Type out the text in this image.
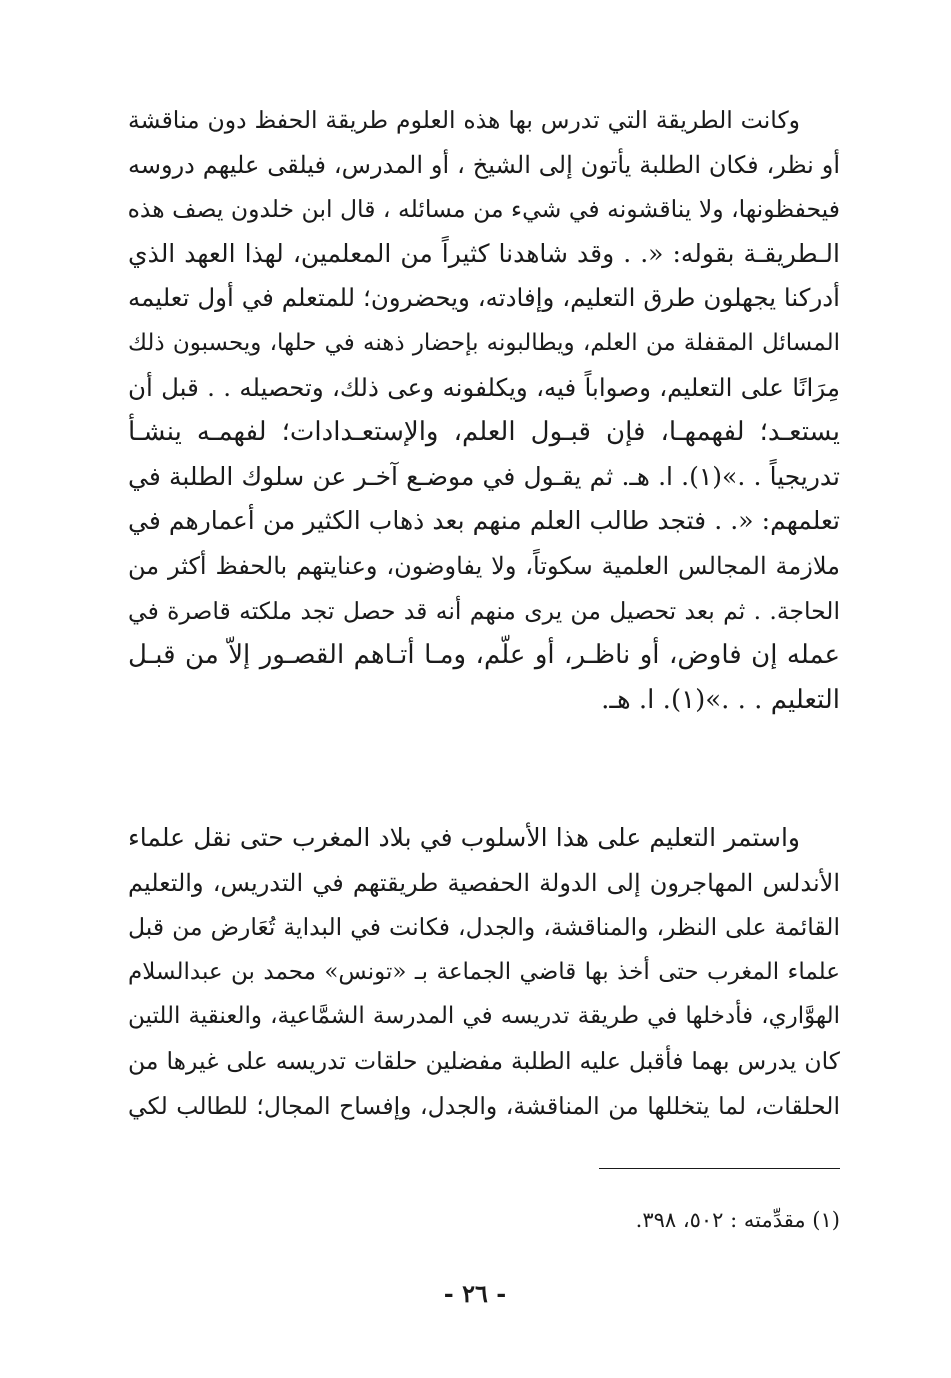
وكانت الطريقة التي تدرس بها هذه العلوم طريقة الحفظ دون مناقشة
أو نظر، فكان الطلبة يأتون إلى الشيخ ، أو المدرس، فيلقى عليهم دروسه
فيحفظونها، ولا يناقشونه في شيء من مسائله ، قال ابن خلدون يصف هذه
الـطريقـة بقوله: «. . وقد شاهدنا كثيراً من المعلمين، لهذا العهد الذي
أدركنا يجهلون طرق التعليم، وإفادته، ويحضرون؛ للمتعلم في أول تعليمه
المسائل المقفلة من العلم، ويطالبونه بإحضار ذهنه في حلها، ويحسبون ذلك
مِرَانًا على التعليم، وصواباً فيه، ويكلفونه وعى ذلك، وتحصيله . . قبل أن
يستعـد؛ لفهمهـا، فإن قبـول العلم، والإستعـدادات؛ لفهمـه ينشـأ
تدريجياً . .»(١). ا. هـ. ثم يقـول في موضـع آخـر عن سلوك الطلبة في
تعلمهم: «. . فتجد طالب العلم منهم بعد ذهاب الكثير من أعمارهم في
ملازمة المجالس العلمية سكوتاً، ولا يفاوضون، وعنايتهم بالحفظ أكثر من
الحاجة. . ثم بعد تحصيل من يرى منهم أنه قد حصل تجد ملكته قاصرة في
عمله إن فاوض، أو ناظـر، أو علّم، ومـا أتـاهم القصـور إلاّ من قبـل
التعليم . . .»(١). ا. هـ.
واستمر التعليم على هذا الأسلوب في بلاد المغرب حتى نقل علماء
الأندلس المهاجرون إلى الدولة الحفصية طريقتهم في التدريس، والتعليم
القائمة على النظر، والمناقشة، والجدل، فكانت في البداية تُعَارض من قبل
علماء المغرب حتى أخذ بها قاضي الجماعة بـ «تونس» محمد بن عبدالسلام
الهوَّاري، فأدخلها في طريقة تدريسه في المدرسة الشمَّاعية، والعنقية اللتين
كان يدرس بهما فأقبل عليه الطلبة مفضلين حلقات تدريسه على غيرها من
الحلقات، لما يتخللها من المناقشة، والجدل، وإفساح المجال؛ للطالب لكي
(١) مقدِّمته : ٥٠٢، ٣٩٨.
- ٢٦ -
